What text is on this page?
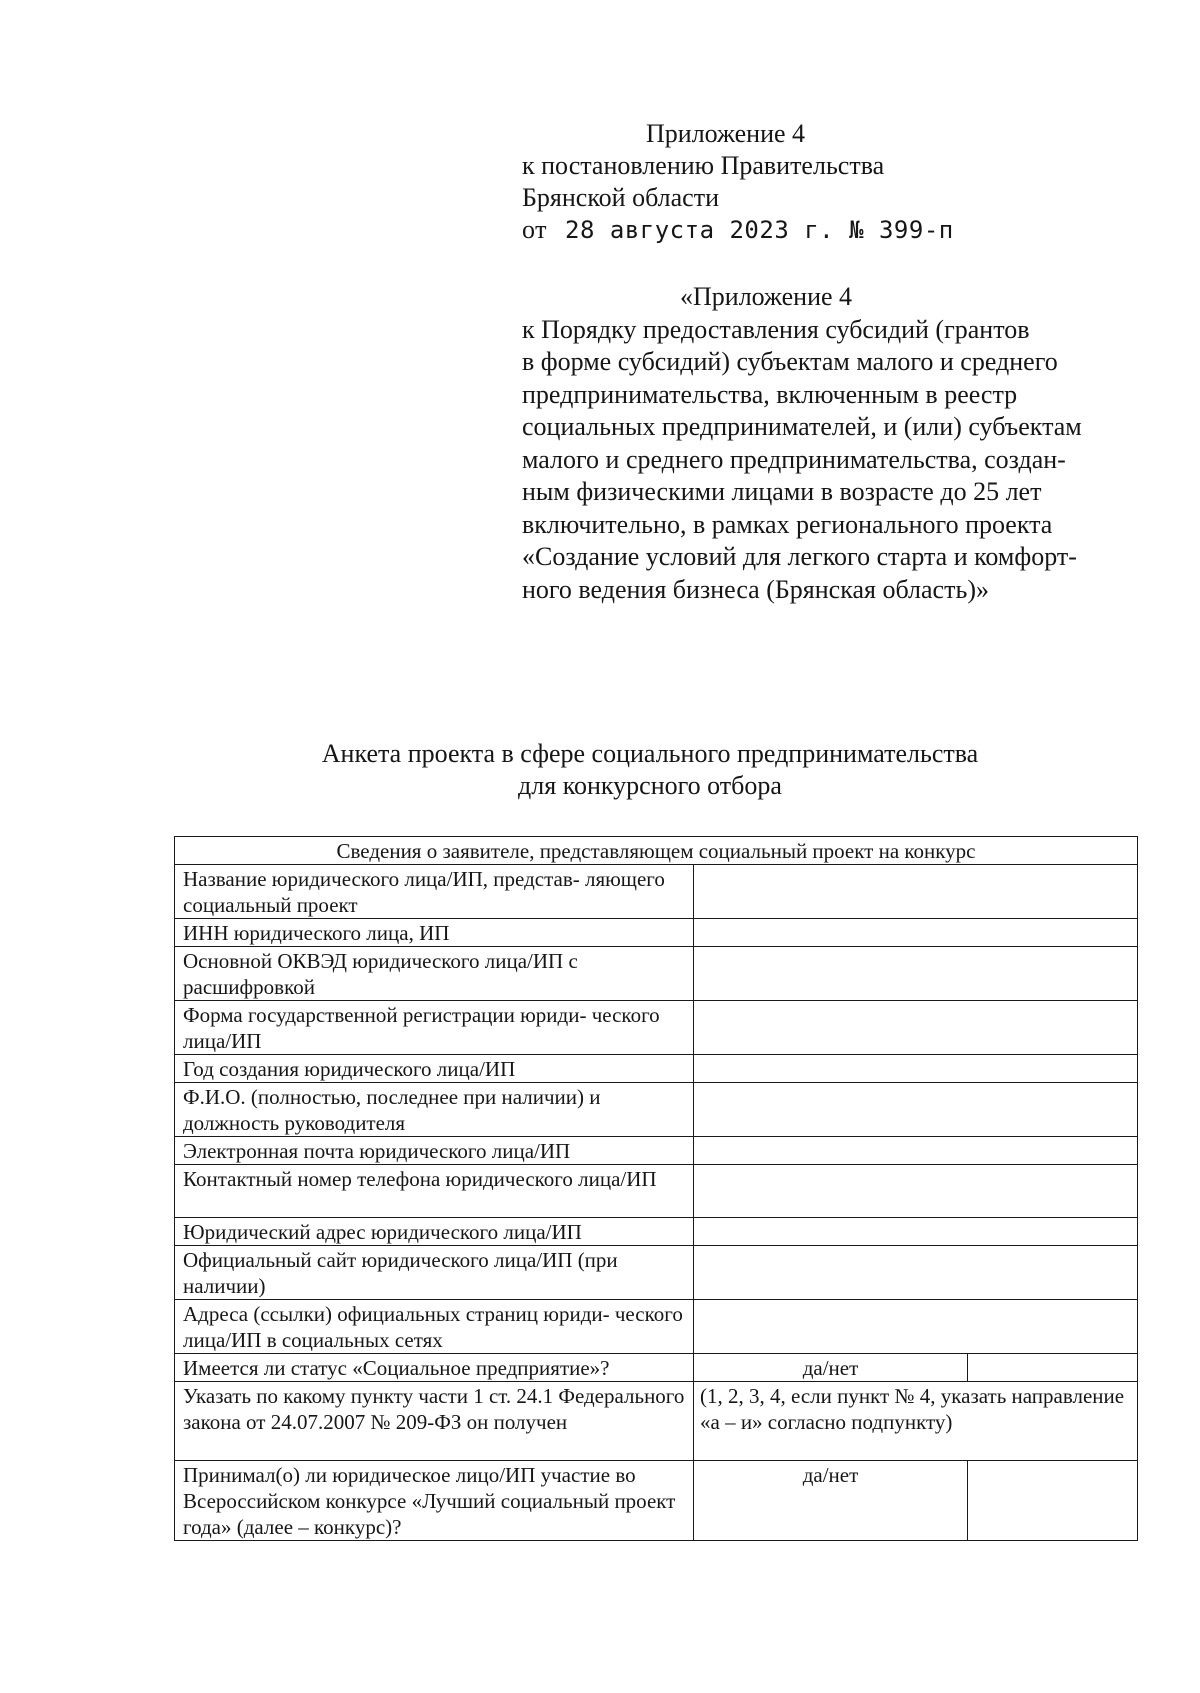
Приложение 4
к постановлению Правительства
Брянской области
от 28 августа 2023 г. № 399-п
«Приложение 4
к Порядку предоставления субсидий (грантов
в форме субсидий) субъектам малого и среднего
предпринимательства, включенным в реестр
социальных предпринимателей, и (или) субъектам
малого и среднего предпринимательства, создан-
ным физическими лицами в возрасте до 25 лет
включительно, в рамках регионального проекта
«Создание условий для легкого старта и комфорт-
ного ведения бизнеса (Брянская область)»
Анкета проекта в сфере социального предпринимательства
для конкурсного отбора
Сведения о заявителе, представляющем социальный проект на конкурс		
Название юридического лица/ИП, представ- ляющего социальный проект		
ИНН юридического лица, ИП		
Основной ОКВЭД юридического лица/ИП с расшифровкой		
Форма государственной регистрации юриди- ческого лица/ИП		
Год создания юридического лица/ИП		
Ф.И.О. (полностью, последнее при наличии) и должность руководителя		
Электронная почта юридического лица/ИП		
Контактный номер телефона юридического лица/ИП		
Юридический адрес юридического лица/ИП		
Официальный сайт юридического лица/ИП (при наличии)		
Адреса (ссылки) официальных страниц юриди- ческого лица/ИП в социальных сетях		
Имеется ли статус «Социальное предприятие»?	да/нет	
Указать по какому пункту части 1 ст. 24.1 Федерального закона от 24.07.2007 № 209-ФЗ он получен	(1, 2, 3, 4, если пункт № 4, указать направление «а – и» согласно подпункту)	
Принимал(о) ли юридическое лицо/ИП участие во Всероссийском конкурсе «Лучший социальный проект года» (далее – конкурс)?	да/нет	
